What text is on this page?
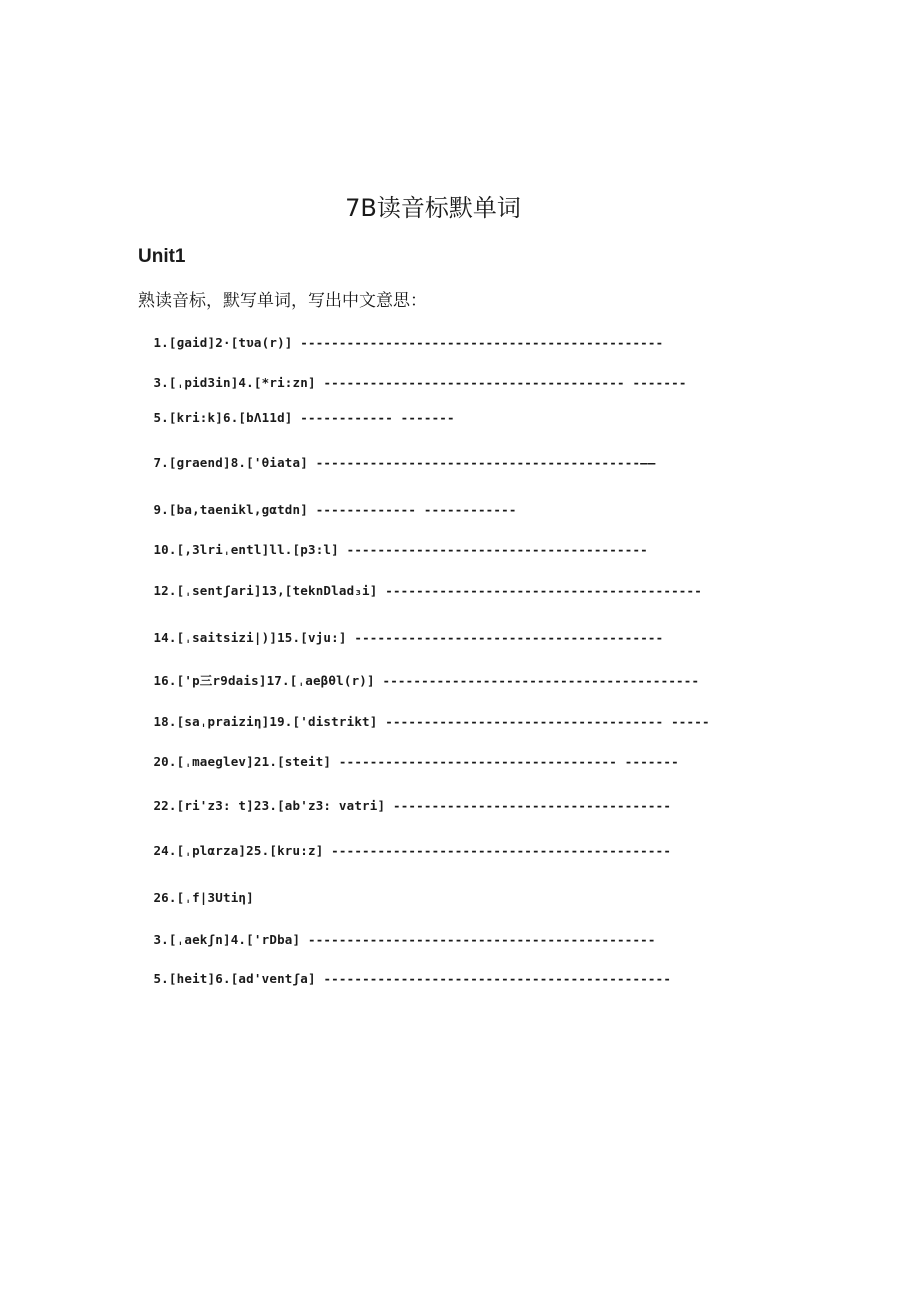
7B读音标默单词
Unit1
熟读音标，默写单词，写出中文意思：

1.[ɡaid]2·[tυa(r)] -----------------------------------------------

3.[ˌpid3in]4.[*ri:zn] --------------------------------------- -------

5.[kri:k]6.[bΛ11d] ------------ -------

7.[graend]8.['θiata] ------------------------------------------——

9.[ba,taenikl,gαtdn] ------------- ------------

10.[,3lriˌentl]ll.[p3:l] ---------------------------------------

12.[ˌsentʃari]13,[teknDlad₃i] -----------------------------------------

14.[ˌsaitsizi|)]15.[vju:] ----------------------------------------

16.['p三r9dais]17.[ˌaeβθl(r)] -----------------------------------------

18.[saˌpraiziη]19.['distrikt] ------------------------------------ -----

20.[ˌmaeglev]21.[steit] ------------------------------------ -------

22.[ri'z3: t]23.[ab'z3: vatri] ------------------------------------

24.[ˌplαrza]25.[kru:z] --------------------------------------------

26.[ˌf|3Utiη]

3.[ˌaekʃn]4.['rDba] ---------------------------------------------

5.[heit]6.[ad'ventʃa] ---------------------------------------------
